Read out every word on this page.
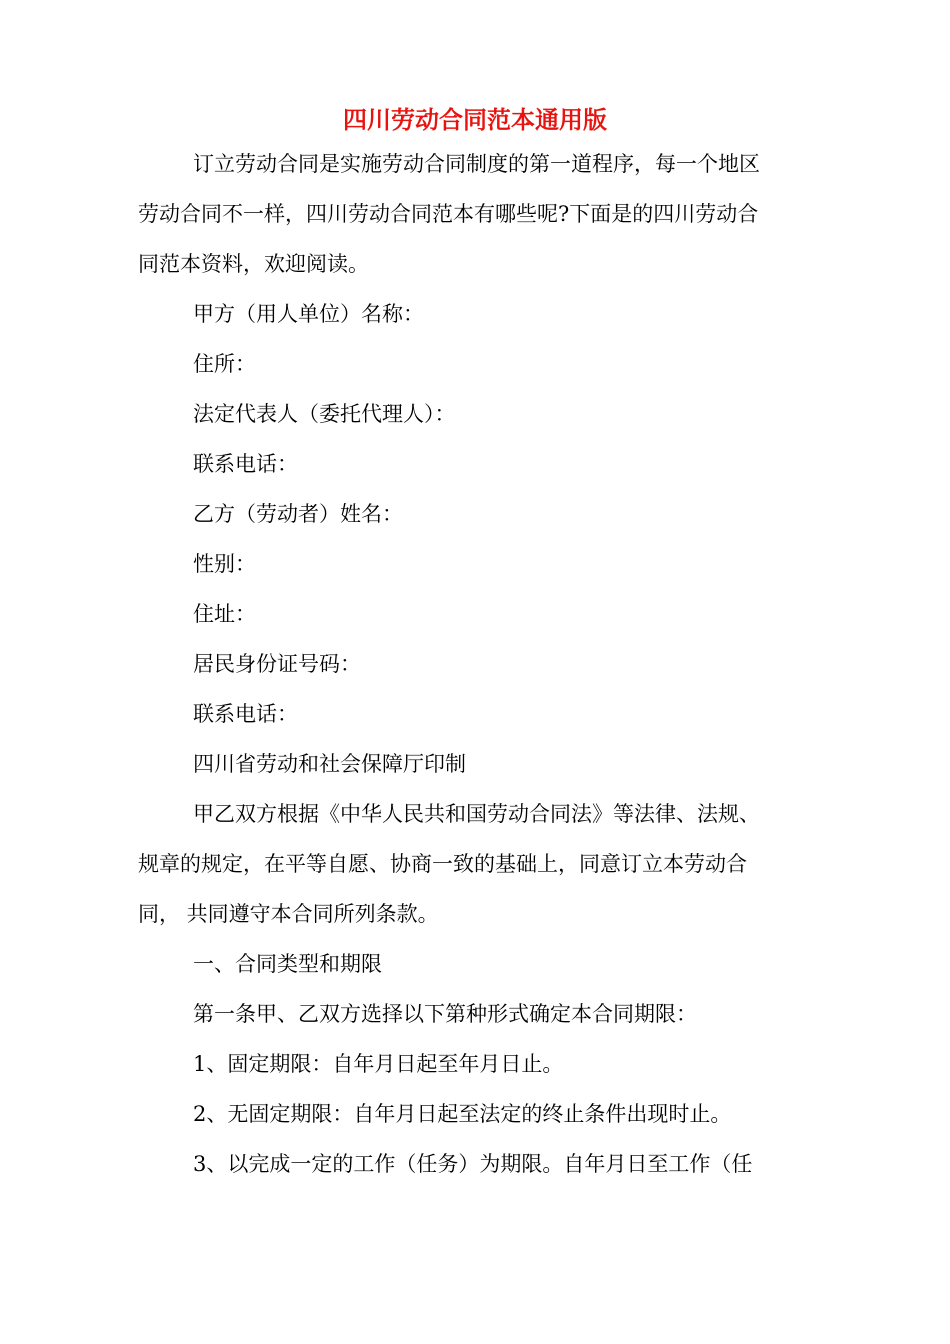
四川劳动合同范本通用版

订立劳动合同是实施劳动合同制度的第一道程序，每一个地区

劳动合同不一样，四川劳动合同范本有哪些呢?下面是的四川劳动合

同范本资料，欢迎阅读。

甲方（用人单位）名称：

住所：

法定代表人（委托代理人）：

联系电话：

乙方（劳动者）姓名：

性别：

住址：

居民身份证号码：

联系电话：

四川省劳动和社会保障厅印制

甲乙双方根据《中华人民共和国劳动合同法》等法律、法规、

规章的规定，在平等自愿、协商一致的基础上，同意订立本劳动合

同， 共同遵守本合同所列条款。

一、合同类型和期限

第一条甲、乙双方选择以下第种形式确定本合同期限：

1、固定期限：自年月日起至年月日止。

2、无固定期限：自年月日起至法定的终止条件出现时止。

3、以完成一定的工作（任务）为期限。自年月日至工作（任
